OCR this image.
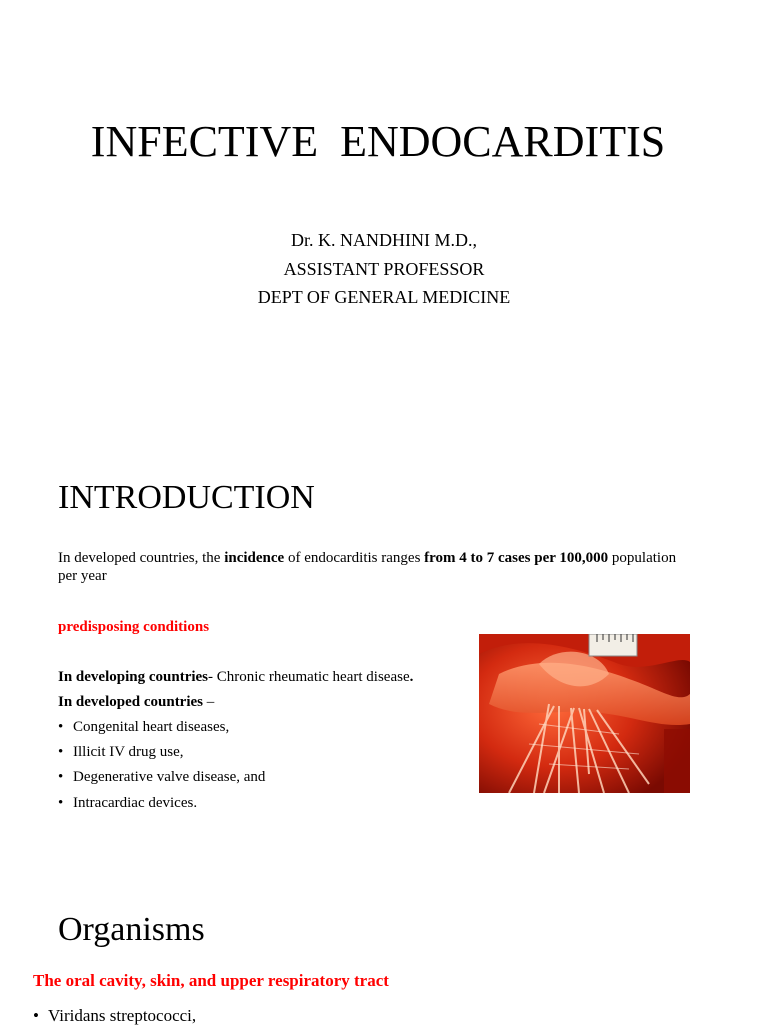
INFECTIVE  ENDOCARDITIS
Dr. K. NANDHINI M.D.,
ASSISTANT PROFESSOR
DEPT OF GENERAL MEDICINE
INTRODUCTION
In developed countries, the incidence of endocarditis ranges from 4 to 7 cases per 100,000 population per year
predisposing conditions
In developing countries- Chronic rheumatic heart disease.
In developed countries –
• Congenital heart diseases,
• Illicit IV drug use,
• Degenerative valve disease, and
• Intracardiac devices.
Organisms
The oral cavity, skin, and upper respiratory tract
• Viridans streptococci,
